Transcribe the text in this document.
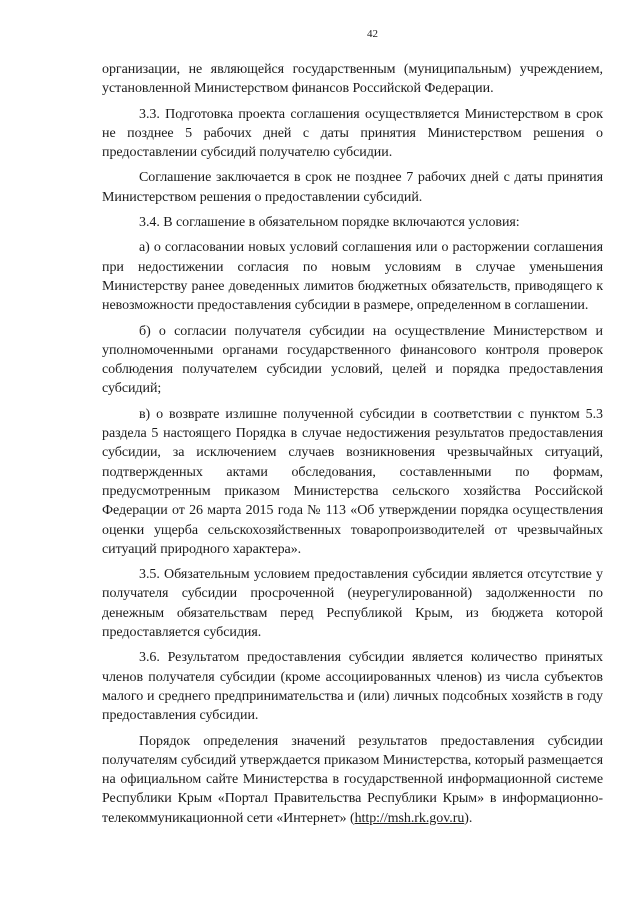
42

организации, не являющейся государственным (муниципальным) учреждением, установленной Министерством финансов Российской Федерации.

3.3. Подготовка проекта соглашения осуществляется Министерством в срок не позднее 5 рабочих дней с даты принятия Министерством решения о предоставлении субсидий получателю субсидии.

Соглашение заключается в срок не позднее 7 рабочих дней с даты принятия Министерством решения о предоставлении субсидий.

3.4. В соглашение в обязательном порядке включаются условия:

а) о согласовании новых условий соглашения или о расторжении соглашения при недостижении согласия по новым условиям в случае уменьшения Министерству ранее доведенных лимитов бюджетных обязательств, приводящего к невозможности предоставления субсидии в размере, определенном в соглашении.

б) о согласии получателя субсидии на осуществление Министерством и уполномоченными органами государственного финансового контроля проверок соблюдения получателем субсидии условий, целей и порядка предоставления субсидий;

в) о возврате излишне полученной субсидии в соответствии с пунктом 5.3 раздела 5 настоящего Порядка в случае недостижения результатов предоставления субсидии, за исключением случаев возникновения чрезвычайных ситуаций, подтвержденных актами обследования, составленными по формам, предусмотренным приказом Министерства сельского хозяйства Российской Федерации от 26 марта 2015 года № 113 «Об утверждении порядка осуществления оценки ущерба сельскохозяйственных товаропроизводителей от чрезвычайных ситуаций природного характера».

3.5. Обязательным условием предоставления субсидии является отсутствие у получателя субсидии просроченной (неурегулированной) задолженности по денежным обязательствам перед Республикой Крым, из бюджета которой предоставляется субсидия.

3.6. Результатом предоставления субсидии является количество принятых членов получателя субсидии (кроме ассоциированных членов) из числа субъектов малого и среднего предпринимательства и (или) личных подсобных хозяйств в году предоставления субсидии.

Порядок определения значений результатов предоставления субсидии получателям субсидий утверждается приказом Министерства, который размещается на официальном сайте Министерства в государственной информационной системе Республики Крым «Портал Правительства Республики Крым» в информационно-телекоммуникационной сети «Интернет» (http://msh.rk.gov.ru).
